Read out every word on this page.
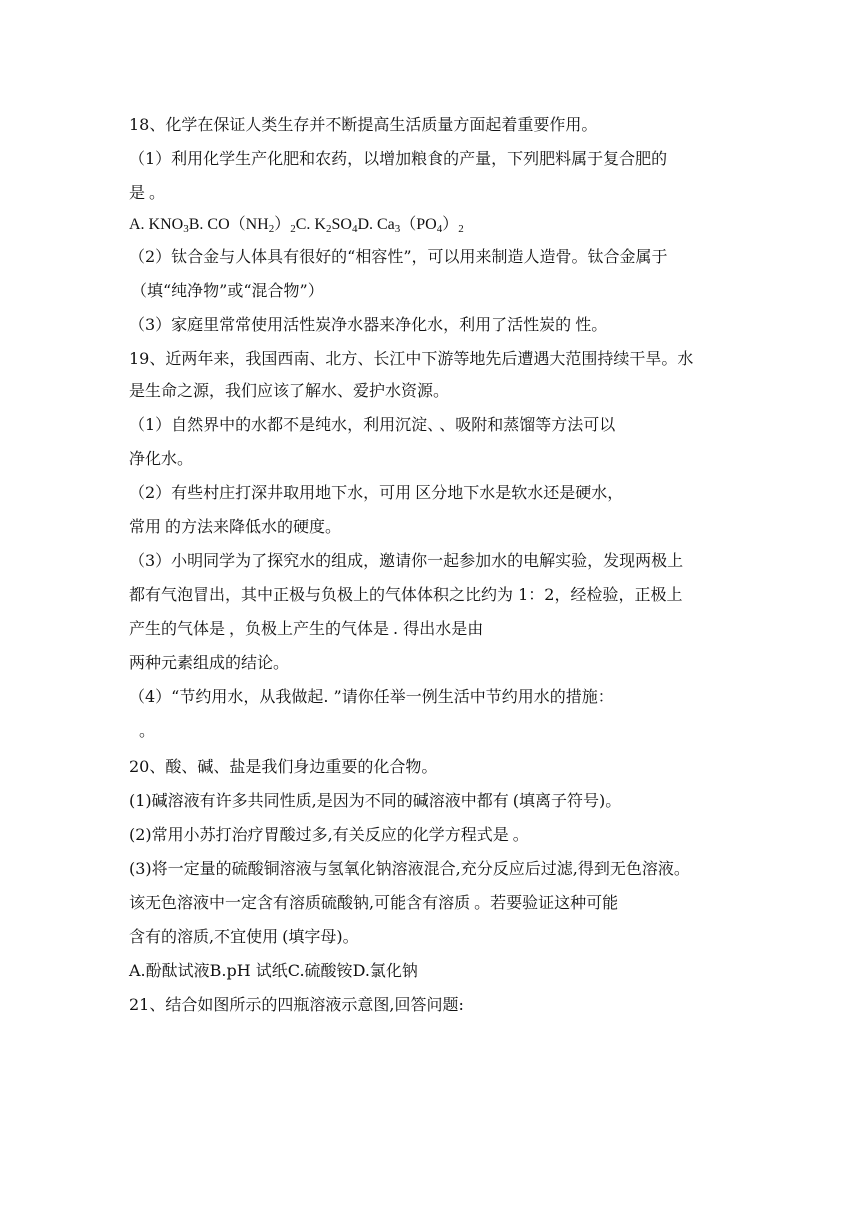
18、化学在保证人类生存并不断提高生活质量方面起着重要作用。
（1）利用化学生产化肥和农药，以增加粮食的产量，下列肥料属于复合肥的
是 。
A. $KNO_3B$. $CO(NH_2)_2C$. $K_2SO_4D$. $Ca_3(PO_4)_2$
（2）钛合金与人体具有很好的“相容性”，可以用来制造人造骨。钛合金属于
（填“纯净物”或“混合物”）
（3）家庭里常常使用活性炭净水器来净化水，利用了活性炭的 性。
19、近两年来，我国西南、北方、长江中下游等地先后遭遇大范围持续干旱。水
是生命之源，我们应该了解水、爱护水资源。
（1）自然界中的水都不是纯水，利用沉淀、 、吸附和蒸馏等方法可以
净化水。
（2）有些村庄打深井取用地下水，可用 区分地下水是软水还是硬水，
常用 的方法来降低水的硬度。
（3）小明同学为了探究水的组成，邀请你一起参加水的电解实验，发现两极上
都有气泡冒出，其中正极与负极上的气体体积之比约为 1：2，经检验，正极上
产生的气体是 ，负极上产生的气体是 . 得出水是由
两种元素组成的结论。
（4）“节约用水，从我做起. ”请你任举一例生活中节约用水的措施：
。
20、酸、碱、盐是我们身边重要的化合物。
(1)碱溶液有许多共同性质,是因为不同的碱溶液中都有 (填离子符号)。
(2)常用小苏打治疗胃酸过多,有关反应的化学方程式是 。
(3)将一定量的硫酸铜溶液与氢氧化钠溶液混合,充分反应后过滤,得到无色溶液。
该无色溶液中一定含有溶质硫酸钠,可能含有溶质 。若要验证这种可能
含有的溶质,不宜使用 (填字母)。
A.酚酞试液B.pH 试纸C.硫酸铵D.氯化钠
21、结合如图所示的四瓶溶液示意图,回答问题:
